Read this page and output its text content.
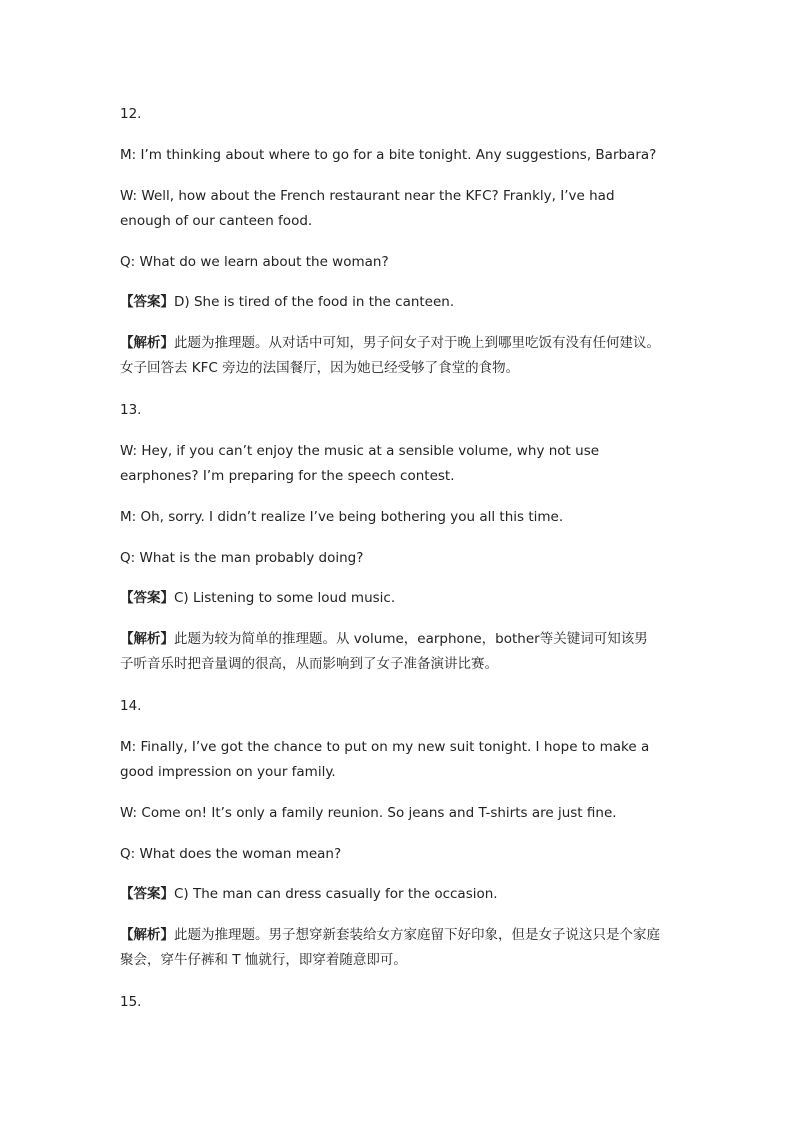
12.
M: I’m thinking about where to go for a bite tonight. Any suggestions, Barbara?
W: Well, how about the French restaurant near the KFC? Frankly, I’ve had
enough of our canteen food.
Q: What do we learn about the woman?
【答案】D) She is tired of the food in the canteen.
【解析】此题为推理题。从对话中可知，男子问女子对于晚上到哪里吃饭有没有任何建议。
女子回答去 KFC 旁边的法国餐厅，因为她已经受够了食堂的食物。
13.
W: Hey, if you can’t enjoy the music at a sensible volume, why not use
earphones? I’m preparing for the speech contest.
M: Oh, sorry. I didn’t realize I’ve being bothering you all this time.
Q: What is the man probably doing?
【答案】C) Listening to some loud music.
【解析】此题为较为简单的推理题。从 volume，earphone，bother等关键词可知该男
子听音乐时把音量调的很高，从而影响到了女子准备演讲比赛。
14.
M: Finally, I’ve got the chance to put on my new suit tonight. I hope to make a
good impression on your family.
W: Come on! It’s only a family reunion. So jeans and T-shirts are just fine.
Q: What does the woman mean?
【答案】C) The man can dress casually for the occasion.
【解析】此题为推理题。男子想穿新套装给女方家庭留下好印象，但是女子说这只是个家庭
聚会，穿牛仔裤和 T 恤就行，即穿着随意即可。
15.
